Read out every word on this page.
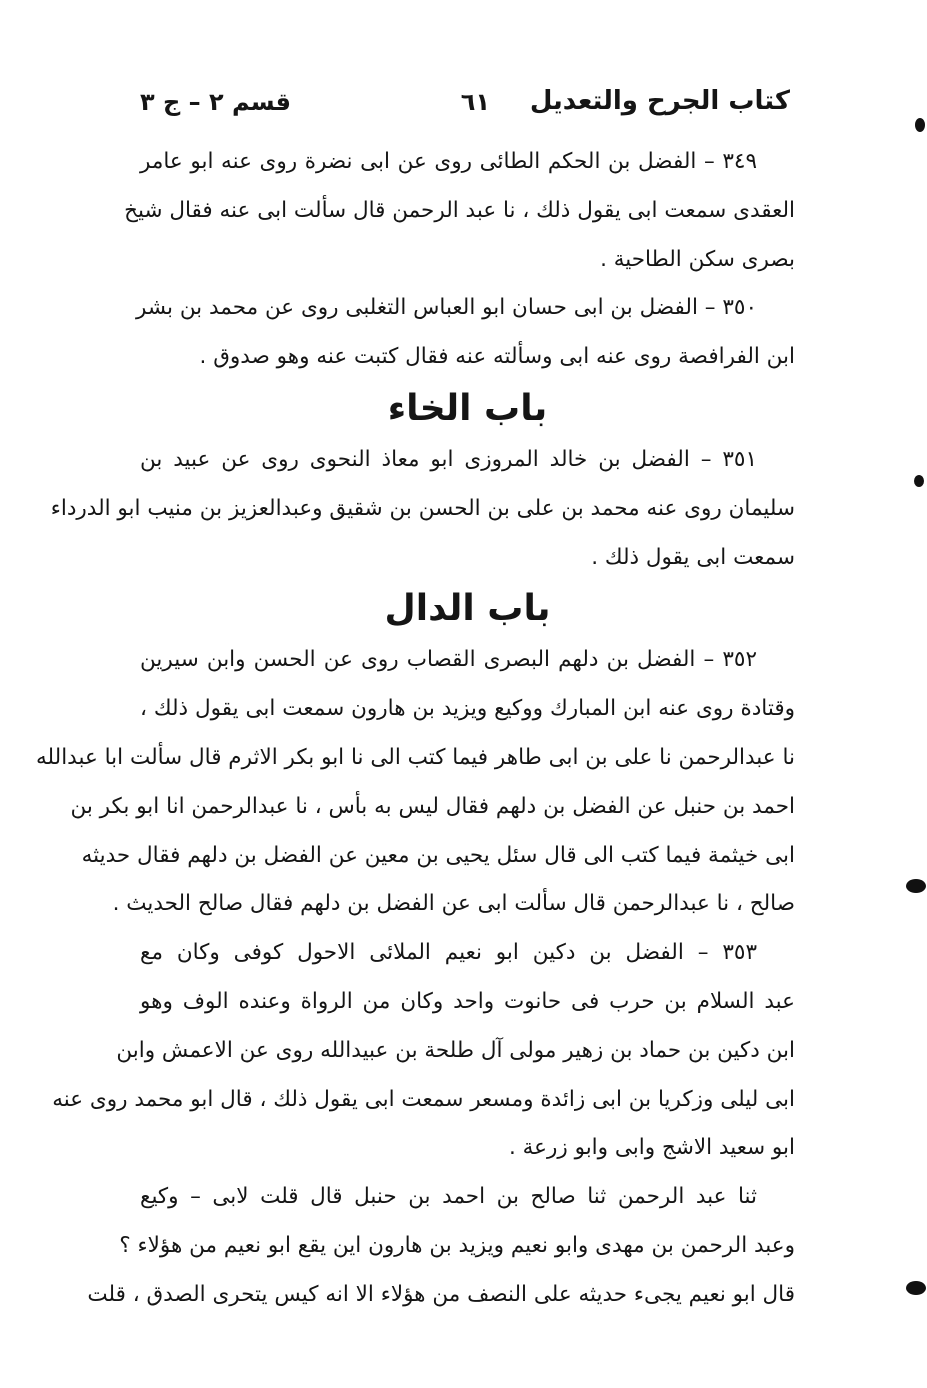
كتاب الجرح والتعديل
٦١
قسم ٢ – ج ٣
٣٤٩ – الفضل بن الحكم الطائى روى عن ابى نضرة روى عنه ابو عامر
العقدى سمعت ابى يقول ذلك ، نا عبد الرحمن قال سألت ابى عنه فقال شيخ
بصرى سكن الطاحية .
٣٥٠ – الفضل بن ابى حسان ابو العباس التغلبى روى عن محمد بن بشر
ابن الفرافصة روى عنه ابى وسألته عنه فقال كتبت عنه وهو صدوق .
باب الخاء
٣٥١ – الفضل بن خالد المروزى ابو معاذ النحوى روى عن عبيد بن
سليمان روى عنه محمد بن على بن الحسن بن شقيق وعبدالعزيز بن منيب ابو الدرداء
سمعت ابى يقول ذلك .
باب الدال
٣٥٢ – الفضل بن دلهم البصرى القصاب روى عن الحسن وابن سيرين
وقتادة روى عنه ابن المبارك ووكيع ويزيد بن هارون سمعت ابى يقول ذلك ،
نا عبدالرحمن نا على بن ابى طاهر فيما كتب الى نا ابو بكر الاثرم قال سألت ابا عبدالله
احمد بن حنبل عن الفضل بن دلهم فقال ليس به بأس ، نا عبدالرحمن انا ابو بكر بن
ابى خيثمة فيما كتب الى قال سئل يحيى بن معين عن الفضل بن دلهم فقال حديثه
صالح ، نا عبدالرحمن قال سألت ابى عن الفضل بن دلهم فقال صالح الحديث .
٣٥٣ – الفضل بن دكين ابو نعيم الملائى الاحول كوفى وكان مع
عبد السلام بن حرب فى حانوت واحد وكان من الرواة وعنده الوف وهو
ابن دكين بن حماد بن زهير مولى آل طلحة بن عبيدالله روى عن الاعمش وابن
ابى ليلى وزكريا بن ابى زائدة ومسعر سمعت ابى يقول ذلك ، قال ابو محمد روى عنه
ابو سعيد الاشج وابى وابو زرعة .
ثنا عبد الرحمن ثنا صالح بن احمد بن حنبل قال قلت لابى – وكيع
وعبد الرحمن بن مهدى وابو نعيم ويزيد بن هارون اين يقع ابو نعيم من هؤلاء ؟
قال ابو نعيم يجىء حديثه على النصف من هؤلاء الا انه كيس يتحرى الصدق ، قلت
